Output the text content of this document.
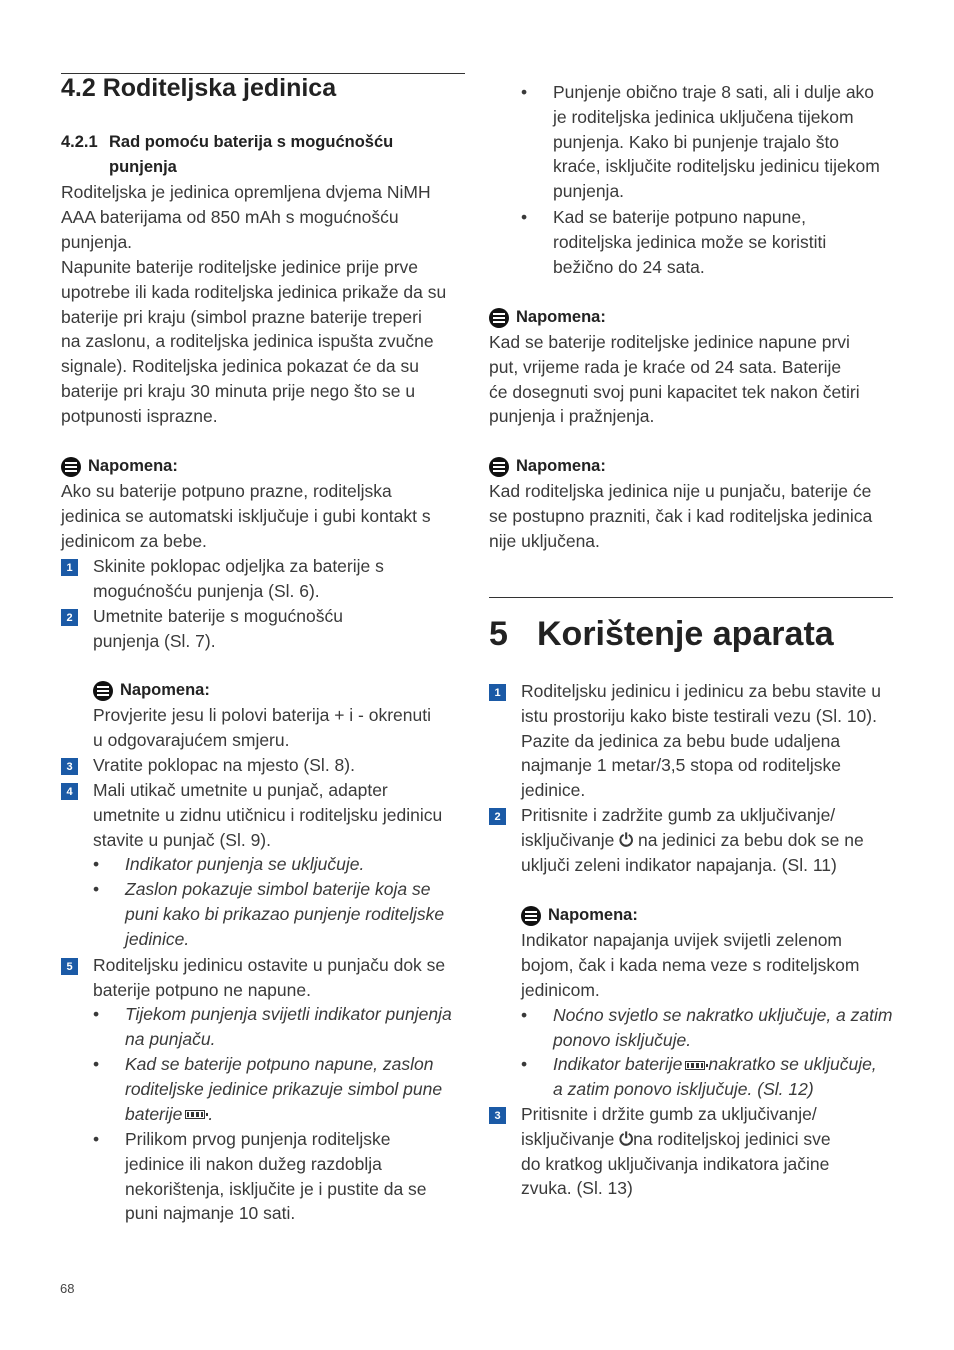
4.2 Roditeljska jedinica
4.2.1 Rad pomoću baterija s mogućnošću
punjenja
Roditeljska je jedinica opremljena dvjema NiMH
AAA baterijama od 850 mAh s mogućnošću
punjenja.
Napunite baterije roditeljske jedinice prije prve
upotrebe ili kada roditeljska jedinica prikaže da su
baterije pri kraju (simbol prazne baterije treperi
na zaslonu, a roditeljska jedinica ispušta zvučne
signale). Roditeljska jedinica pokazat će da su
baterije pri kraju 30 minuta prije nego što se u
potpunosti isprazne.
Napomena:
Ako su baterije potpuno prazne, roditeljska
jedinica se automatski isključuje i gubi kontakt s
jedinicom za bebe.
1	Skinite poklopac odjeljka za baterije s
mogućnošću punjenja (Sl. 6).
2	Umetnite baterije s mogućnošću
punjenja (Sl. 7).
Napomena:
Provjerite jesu li polovi baterija + i - okrenuti
u odgovarajućem smjeru.
3	Vratite poklopac na mjesto (Sl. 8).
4	Mali utikač umetnite u punjač, adapter
umetnite u zidnu utičnicu i roditeljsku jedinicu
stavite u punjač (Sl. 9).
• Indikator punjenja se uključuje.
• Zaslon pokazuje simbol baterije koja se
puni kako bi prikazao punjenje roditeljske
jedinice.
5	Roditeljsku jedinicu ostavite u punjaču dok se
baterije potpuno ne napune.
• Tijekom punjenja svijetli indikator punjenja
na punjaču.
• Kad se baterije potpuno napune, zaslon
roditeljske jedinice prikazuje simbol pune
baterije .
• Prilikom prvog punjenja roditeljske
jedinice ili nakon dužeg razdoblja
nekorištenja, isključite je i pustite da se
puni najmanje 10 sati.
• Punjenje obično traje 8 sati, ali i dulje ako
je roditeljska jedinica uključena tijekom
punjenja. Kako bi punjenje trajalo što
kraće, isključite roditeljsku jedinicu tijekom
punjenja.
• Kad se baterije potpuno napune,
roditeljska jedinica može se koristiti
bežično do 24 sata.
Napomena:
Kad se baterije roditeljske jedinice napune prvi
put, vrijeme rada je kraće od 24 sata. Baterije
će dosegnuti svoj puni kapacitet tek nakon četiri
punjenja i pražnjenja.
Napomena:
Kad roditeljska jedinica nije u punjaču, baterije će
se postupno prazniti, čak i kad roditeljska jedinica
nije uključena.
5 Korištenje aparata
1	Roditeljsku jedinicu i jedinicu za bebu stavite u
istu prostoriju kako biste testirali vezu (Sl. 10).
Pazite da jedinica za bebu bude udaljena
najmanje 1 metar/3,5 stopa od roditeljske
jedinice.
2	Pritisnite i zadržite gumb za uključivanje/
isključivanje ⏻ na jedinici za bebu dok se ne
uključi zeleni indikator napajanja. (Sl. 11)
Napomena:
Indikator napajanja uvijek svijetli zelenom
bojom, čak i kada nema veze s roditeljskom
jedinicom.
• Noćno svjetlo se nakratko uključuje, a zatim
ponovo isključuje.
• Indikator baterije nakratko se uključuje,
a zatim ponovo isključuje. (Sl. 12)
3	Pritisnite i držite gumb za uključivanje/
isključivanje ⏻na roditeljskoj jedinici sve
do kratkog uključivanja indikatora jačine
zvuka. (Sl. 13)
68
